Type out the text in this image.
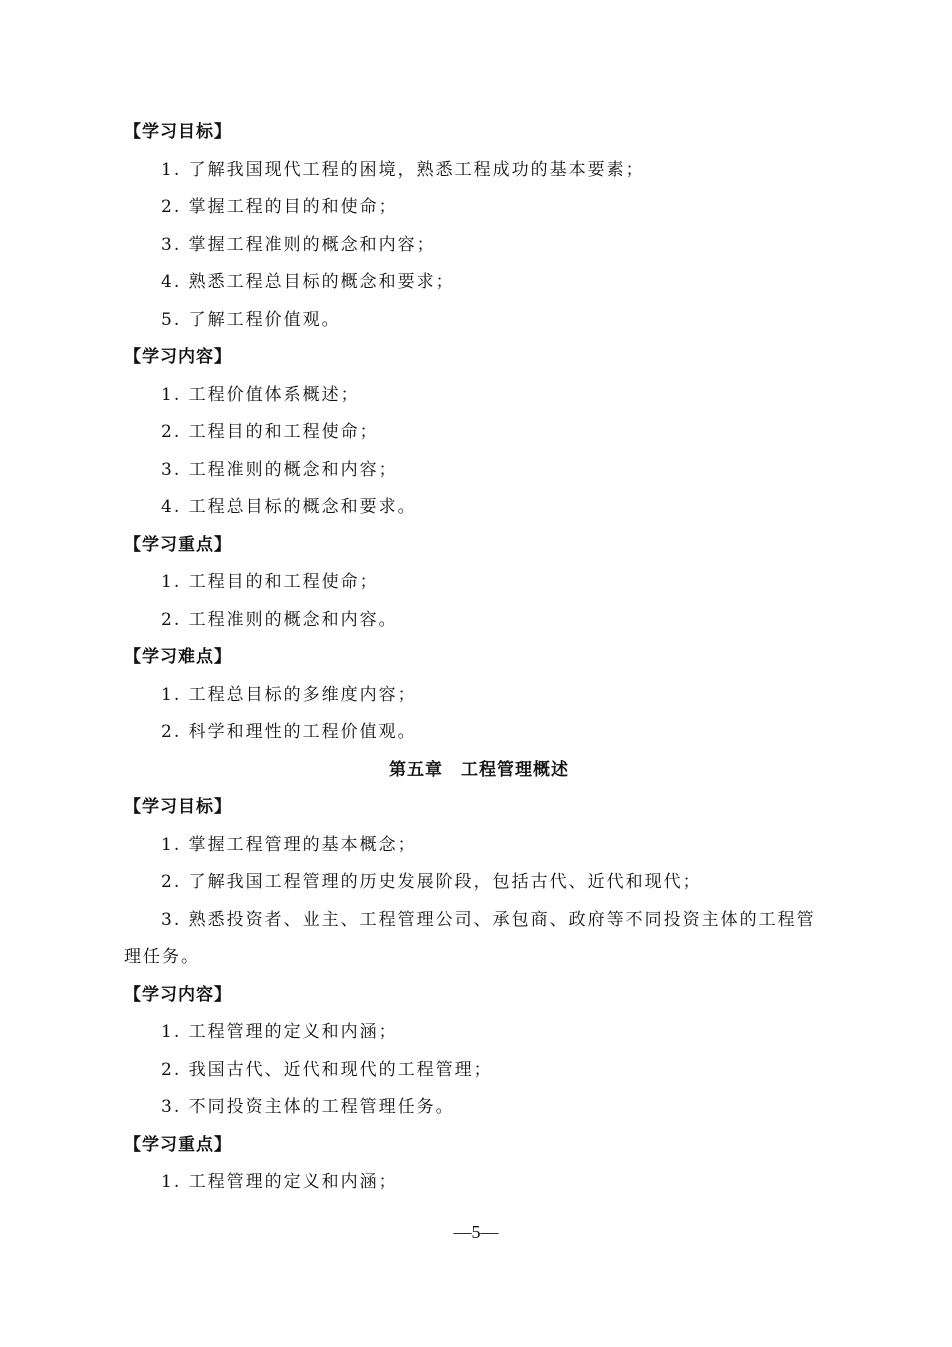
【学习目标】
1. 了解我国现代工程的困境，熟悉工程成功的基本要素；
2. 掌握工程的目的和使命；
3. 掌握工程准则的概念和内容；
4. 熟悉工程总目标的概念和要求；
5. 了解工程价值观。
【学习内容】
1. 工程价值体系概述；
2. 工程目的和工程使命；
3. 工程准则的概念和内容；
4. 工程总目标的概念和要求。
【学习重点】
1. 工程目的和工程使命；
2. 工程准则的概念和内容。
【学习难点】
1. 工程总目标的多维度内容；
2. 科学和理性的工程价值观。
第五章　工程管理概述
【学习目标】
1. 掌握工程管理的基本概念；
2. 了解我国工程管理的历史发展阶段，包括古代、近代和现代；
3. 熟悉投资者、业主、工程管理公司、承包商、政府等不同投资主体的工程管理任务。
【学习内容】
1. 工程管理的定义和内涵；
2. 我国古代、近代和现代的工程管理；
3. 不同投资主体的工程管理任务。
【学习重点】
1. 工程管理的定义和内涵；
—5—
